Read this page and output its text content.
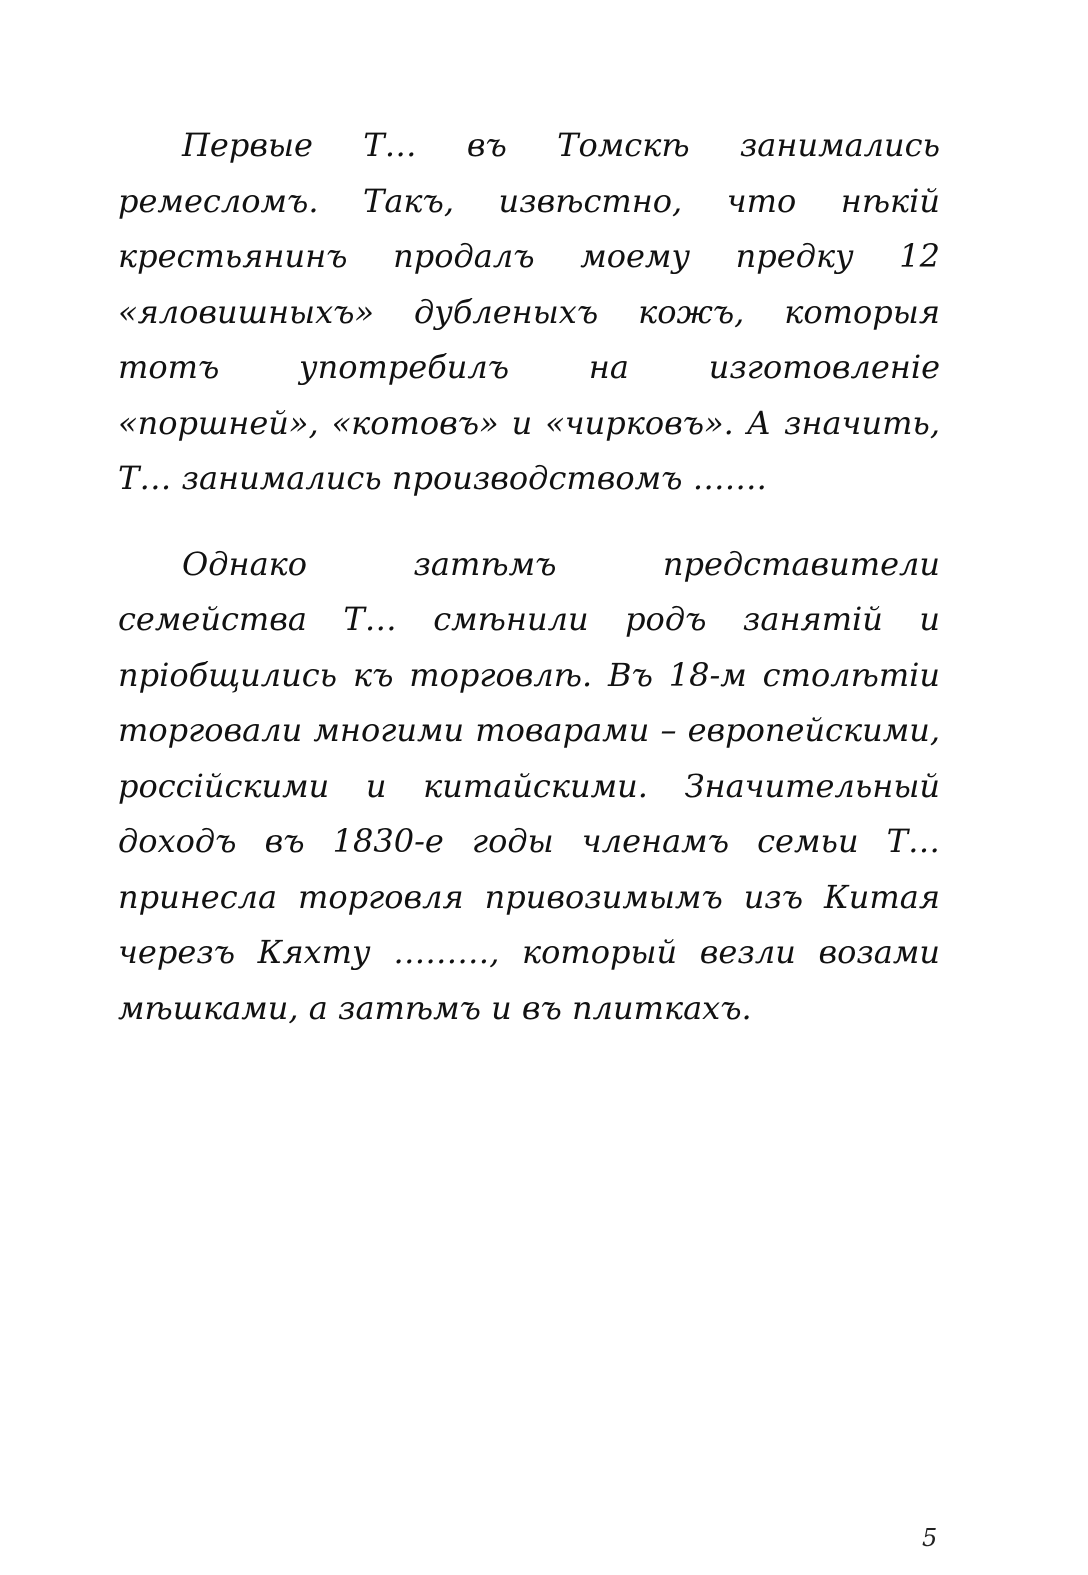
Первые Т… въ Томскѣ занимались ремесломъ. Такъ, извѣстно, что нѣкій крестьянинъ продалъ моему предку 12 «яловишныхъ» дубленыхъ кожъ, которыя тотъ употребилъ на изготовленіе «поршней», «котовъ» и «чирковъ». А значить, Т… занимались производствомъ …….

Однако затѣмъ представители семейства Т… смѣнили родъ занятій и пріобщились къ торговлѣ. Въ 18-м столѣтіи торговали многими товарами – европейскими, россійскими и китайскими. Значительный доходъ въ 1830-е годы членамъ семьи Т… принесла торговля привозимымъ изъ Китая черезъ Кяхту ………, который везли возами мѣшками, а затѣмъ и въ плиткахъ.

5
